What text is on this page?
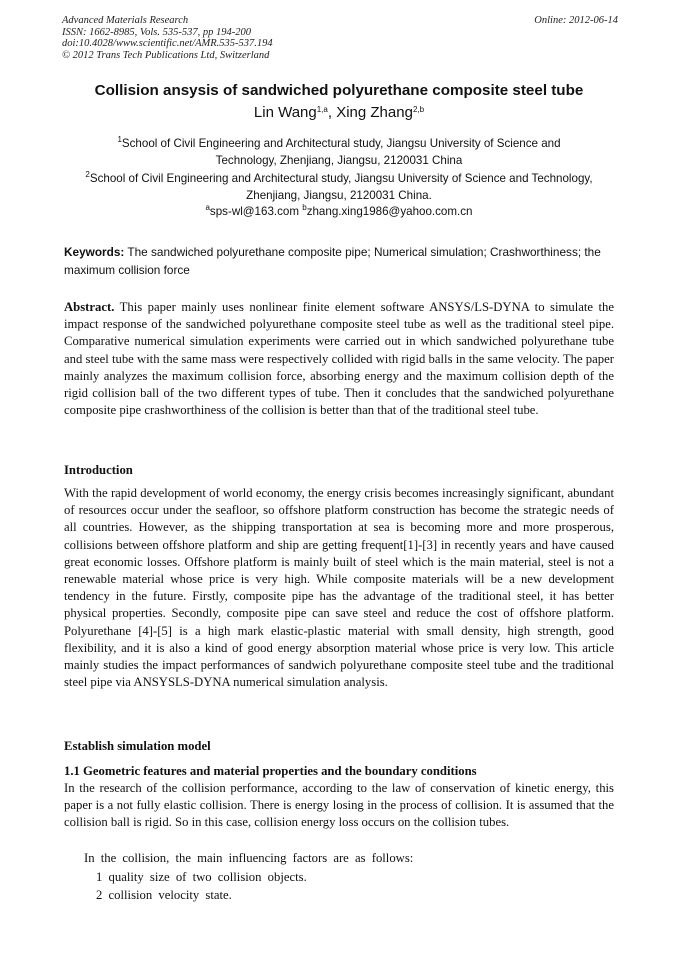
Advanced Materials Research
ISSN: 1662-8985, Vols. 535-537, pp 194-200
doi:10.4028/www.scientific.net/AMR.535-537.194
© 2012 Trans Tech Publications Ltd, Switzerland
Online: 2012-06-14
Collision ansysis of sandwiched polyurethane composite steel tube
Lin Wang$^{1,a}$, Xing Zhang$^{2,b}$
$^1$School of Civil Engineering and Architectural study, Jiangsu University of Science and
Technology, Zhenjiang, Jiangsu, 2120031 China
$^2$School of Civil Engineering and Architectural study, Jiangsu University of Science and Technology,
Zhenjiang, Jiangsu, 2120031 China.
$^a$sps-wl@163.com $^b$zhang.xing1986@yahoo.com.cn
Keywords: The sandwiched polyurethane composite pipe; Numerical simulation; Crashworthiness; the maximum collision force
Abstract. This paper mainly uses nonlinear finite element software ANSYS/LS-DYNA to simulate the impact response of the sandwiched polyurethane composite steel tube as well as the traditional steel pipe. Comparative numerical simulation experiments were carried out in which sandwiched polyurethane tube and steel tube with the same mass were respectively collided with rigid balls in the same velocity. The paper mainly analyzes the maximum collision force, absorbing energy and the maximum collision depth of the rigid collision ball of the two different types of tube. Then it concludes that the sandwiched polyurethane composite pipe crashworthiness of the collision is better than that of the traditional steel tube.
Introduction
With the rapid development of world economy, the energy crisis becomes increasingly significant, abundant of resources occur under the seafloor, so offshore platform construction has become the strategic needs of all countries. However, as the shipping transportation at sea is becoming more and more prosperous, collisions between offshore platform and ship are getting frequent[1]-[3] in recently years and have caused great economic losses. Offshore platform is mainly built of steel which is the main material, steel is not a renewable material whose price is very high. While composite materials will be a new development tendency in the future. Firstly, composite pipe has the advantage of the traditional steel, it has better physical properties. Secondly, composite pipe can save steel and reduce the cost of offshore platform. Polyurethane [4]-[5] is a high mark elastic-plastic material with small density, high strength, good flexibility, and it is also a kind of good energy absorption material whose price is very low. This article mainly studies the impact performances of sandwich polyurethane composite steel tube and the traditional steel pipe via ANSYSLS-DYNA numerical simulation analysis.
Establish simulation model
1.1 Geometric features and material properties and the boundary conditions
In the research of the collision performance, according to the law of conservation of kinetic energy, this paper is a not fully elastic collision. There is energy losing in the process of collision. It is assumed that the collision ball is rigid. So in this case, collision energy loss occurs on the collision tubes.
In the collision, the main influencing factors are as follows:
1 quality size of two collision objects.
2 collision velocity state.
